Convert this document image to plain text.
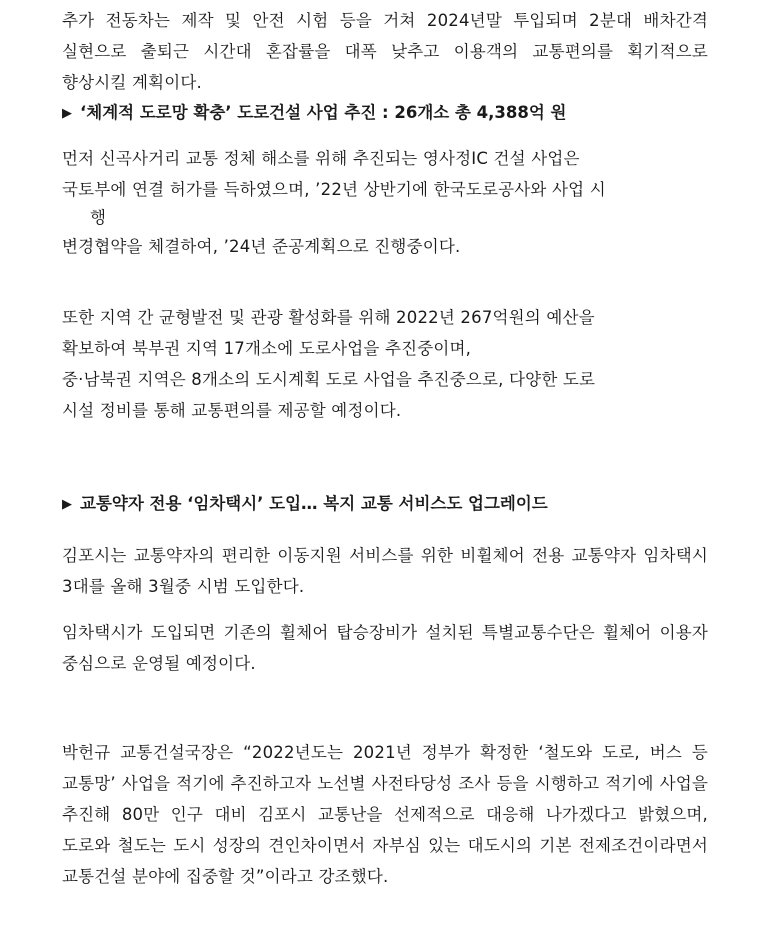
추가 전동차는 제작 및 안전 시험 등을 거쳐 2024년말 투입되며 2분대 배차간격 실현으로 출퇴근 시간대 혼잡률을 대폭 낮추고 이용객의 교통편의를 획기적으로 향상시킬 계획이다.

▶ ‘체계적 도로망 확충’ 도로건설 사업 추진 : 26개소 총 4,388억 원

먼저 신곡사거리 교통 정체 해소를 위해 추진되는 영사정IC 건설 사업은

국토부에 연결 허가를 득하였으며, ’22년 상반기에 한국도로공사와 사업 시

행

변경협약을 체결하여, ’24년 준공계획으로 진행중이다.

또한 지역 간 균형발전 및 관광 활성화를 위해 2022년 267억원의 예산을

확보하여 북부권 지역 17개소에 도로사업을 추진중이며,

중·남북권 지역은 8개소의 도시계획 도로 사업을 추진중으로, 다양한 도로

시설 정비를 통해 교통편의를 제공할 예정이다.

▶ 교통약자 전용 ‘임차택시’ 도입… 복지 교통 서비스도 업그레이드

김포시는 교통약자의 편리한 이동지원 서비스를 위한 비휠체어 전용 교통약자 임차택시 3대를 올해 3월중 시범 도입한다.

임차택시가 도입되면 기존의 휠체어 탑승장비가 설치된 특별교통수단은 휠체어 이용자 중심으로 운영될 예정이다.

박헌규 교통건설국장은 “2022년도는 2021년 정부가 확정한 ‘철도와 도로, 버스 등 교통망’ 사업을 적기에 추진하고자 노선별 사전타당성 조사 등을 시행하고 적기에 사업을 추진해 80만 인구 대비 김포시 교통난을 선제적으로 대응해 나가겠다고 밝혔으며, 도로와 철도는 도시 성장의 견인차이면서 자부심 있는 대도시의 기본 전제조건이라면서 교통건설 분야에 집중할 것”이라고 강조했다.
